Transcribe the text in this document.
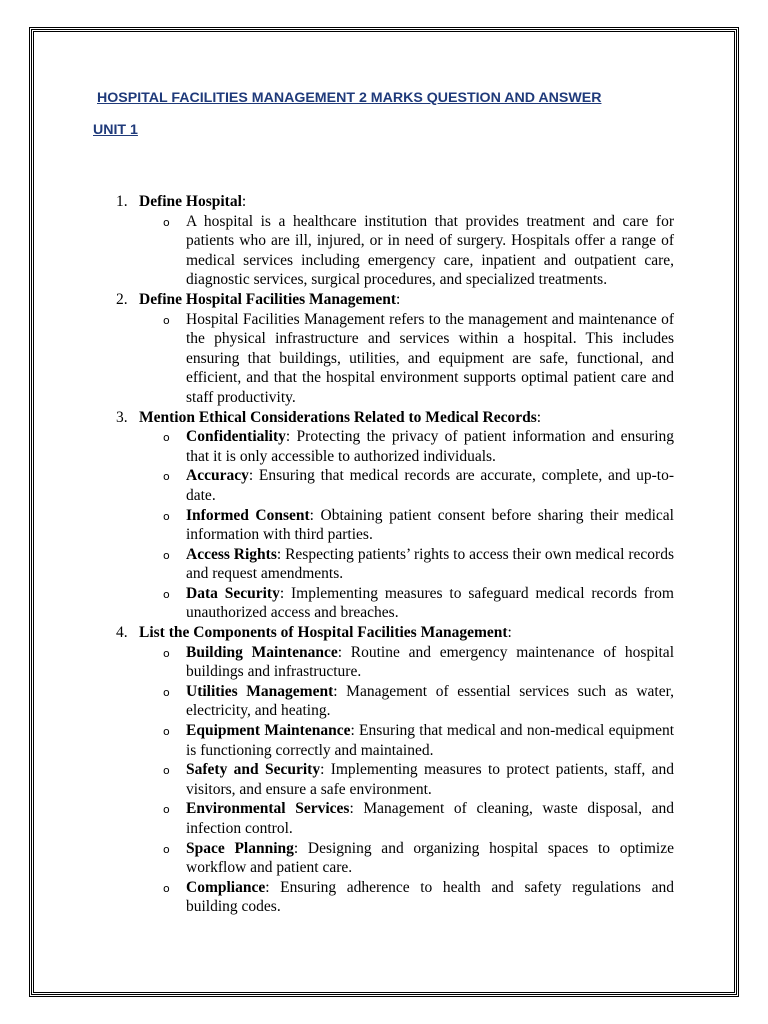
HOSPITAL FACILITIES MANAGEMENT 2 MARKS QUESTION AND ANSWER
UNIT 1
1. Define Hospital:
o A hospital is a healthcare institution that provides treatment and care for patients who are ill, injured, or in need of surgery. Hospitals offer a range of medical services including emergency care, inpatient and outpatient care, diagnostic services, surgical procedures, and specialized treatments.
2. Define Hospital Facilities Management:
o Hospital Facilities Management refers to the management and maintenance of the physical infrastructure and services within a hospital. This includes ensuring that buildings, utilities, and equipment are safe, functional, and efficient, and that the hospital environment supports optimal patient care and staff productivity.
3. Mention Ethical Considerations Related to Medical Records:
o Confidentiality: Protecting the privacy of patient information and ensuring that it is only accessible to authorized individuals.
o Accuracy: Ensuring that medical records are accurate, complete, and up-to-date.
o Informed Consent: Obtaining patient consent before sharing their medical information with third parties.
o Access Rights: Respecting patients’ rights to access their own medical records and request amendments.
o Data Security: Implementing measures to safeguard medical records from unauthorized access and breaches.
4. List the Components of Hospital Facilities Management:
o Building Maintenance: Routine and emergency maintenance of hospital buildings and infrastructure.
o Utilities Management: Management of essential services such as water, electricity, and heating.
o Equipment Maintenance: Ensuring that medical and non-medical equipment is functioning correctly and maintained.
o Safety and Security: Implementing measures to protect patients, staff, and visitors, and ensure a safe environment.
o Environmental Services: Management of cleaning, waste disposal, and infection control.
o Space Planning: Designing and organizing hospital spaces to optimize workflow and patient care.
o Compliance: Ensuring adherence to health and safety regulations and building codes.
